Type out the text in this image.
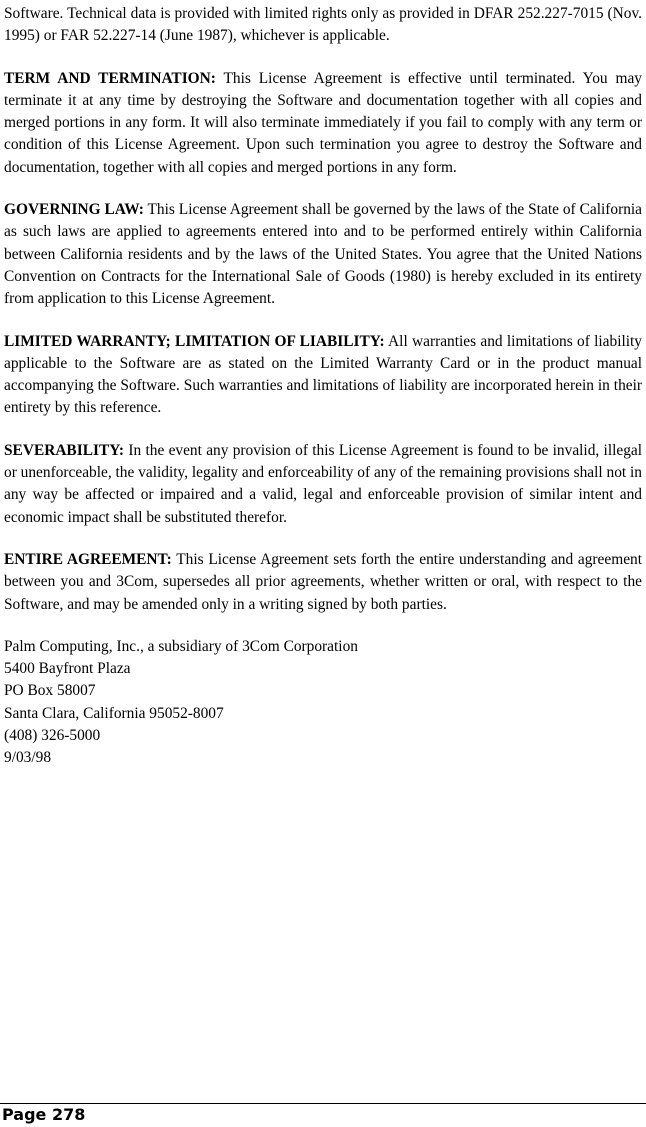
Software. Technical data is provided with limited rights only as provided in DFAR 252.227-7015 (Nov. 1995) or FAR 52.227-14 (June 1987), whichever is applicable.

TERM AND TERMINATION: This License Agreement is effective until terminated. You may terminate it at any time by destroying the Software and documentation together with all copies and merged portions in any form. It will also terminate immediately if you fail to comply with any term or condition of this License Agreement. Upon such termination you agree to destroy the Software and documentation, together with all copies and merged portions in any form.

GOVERNING LAW: This License Agreement shall be governed by the laws of the State of California as such laws are applied to agreements entered into and to be performed entirely within California between California residents and by the laws of the United States. You agree that the United Nations Convention on Contracts for the International Sale of Goods (1980) is hereby excluded in its entirety from application to this License Agreement.

LIMITED WARRANTY; LIMITATION OF LIABILITY: All warranties and limitations of liability applicable to the Software are as stated on the Limited Warranty Card or in the product manual accompanying the Software. Such warranties and limitations of liability are incorporated herein in their entirety by this reference.

SEVERABILITY: In the event any provision of this License Agreement is found to be invalid, illegal or unenforceable, the validity, legality and enforceability of any of the remaining provisions shall not in any way be affected or impaired and a valid, legal and enforceable provision of similar intent and economic impact shall be substituted therefor.

ENTIRE AGREEMENT: This License Agreement sets forth the entire understanding and agreement between you and 3Com, supersedes all prior agreements, whether written or oral, with respect to the Software, and may be amended only in a writing signed by both parties.

Palm Computing, Inc., a subsidiary of 3Com Corporation
5400 Bayfront Plaza
PO Box 58007
Santa Clara, California 95052-8007
(408) 326-5000
9/03/98
Page 278
